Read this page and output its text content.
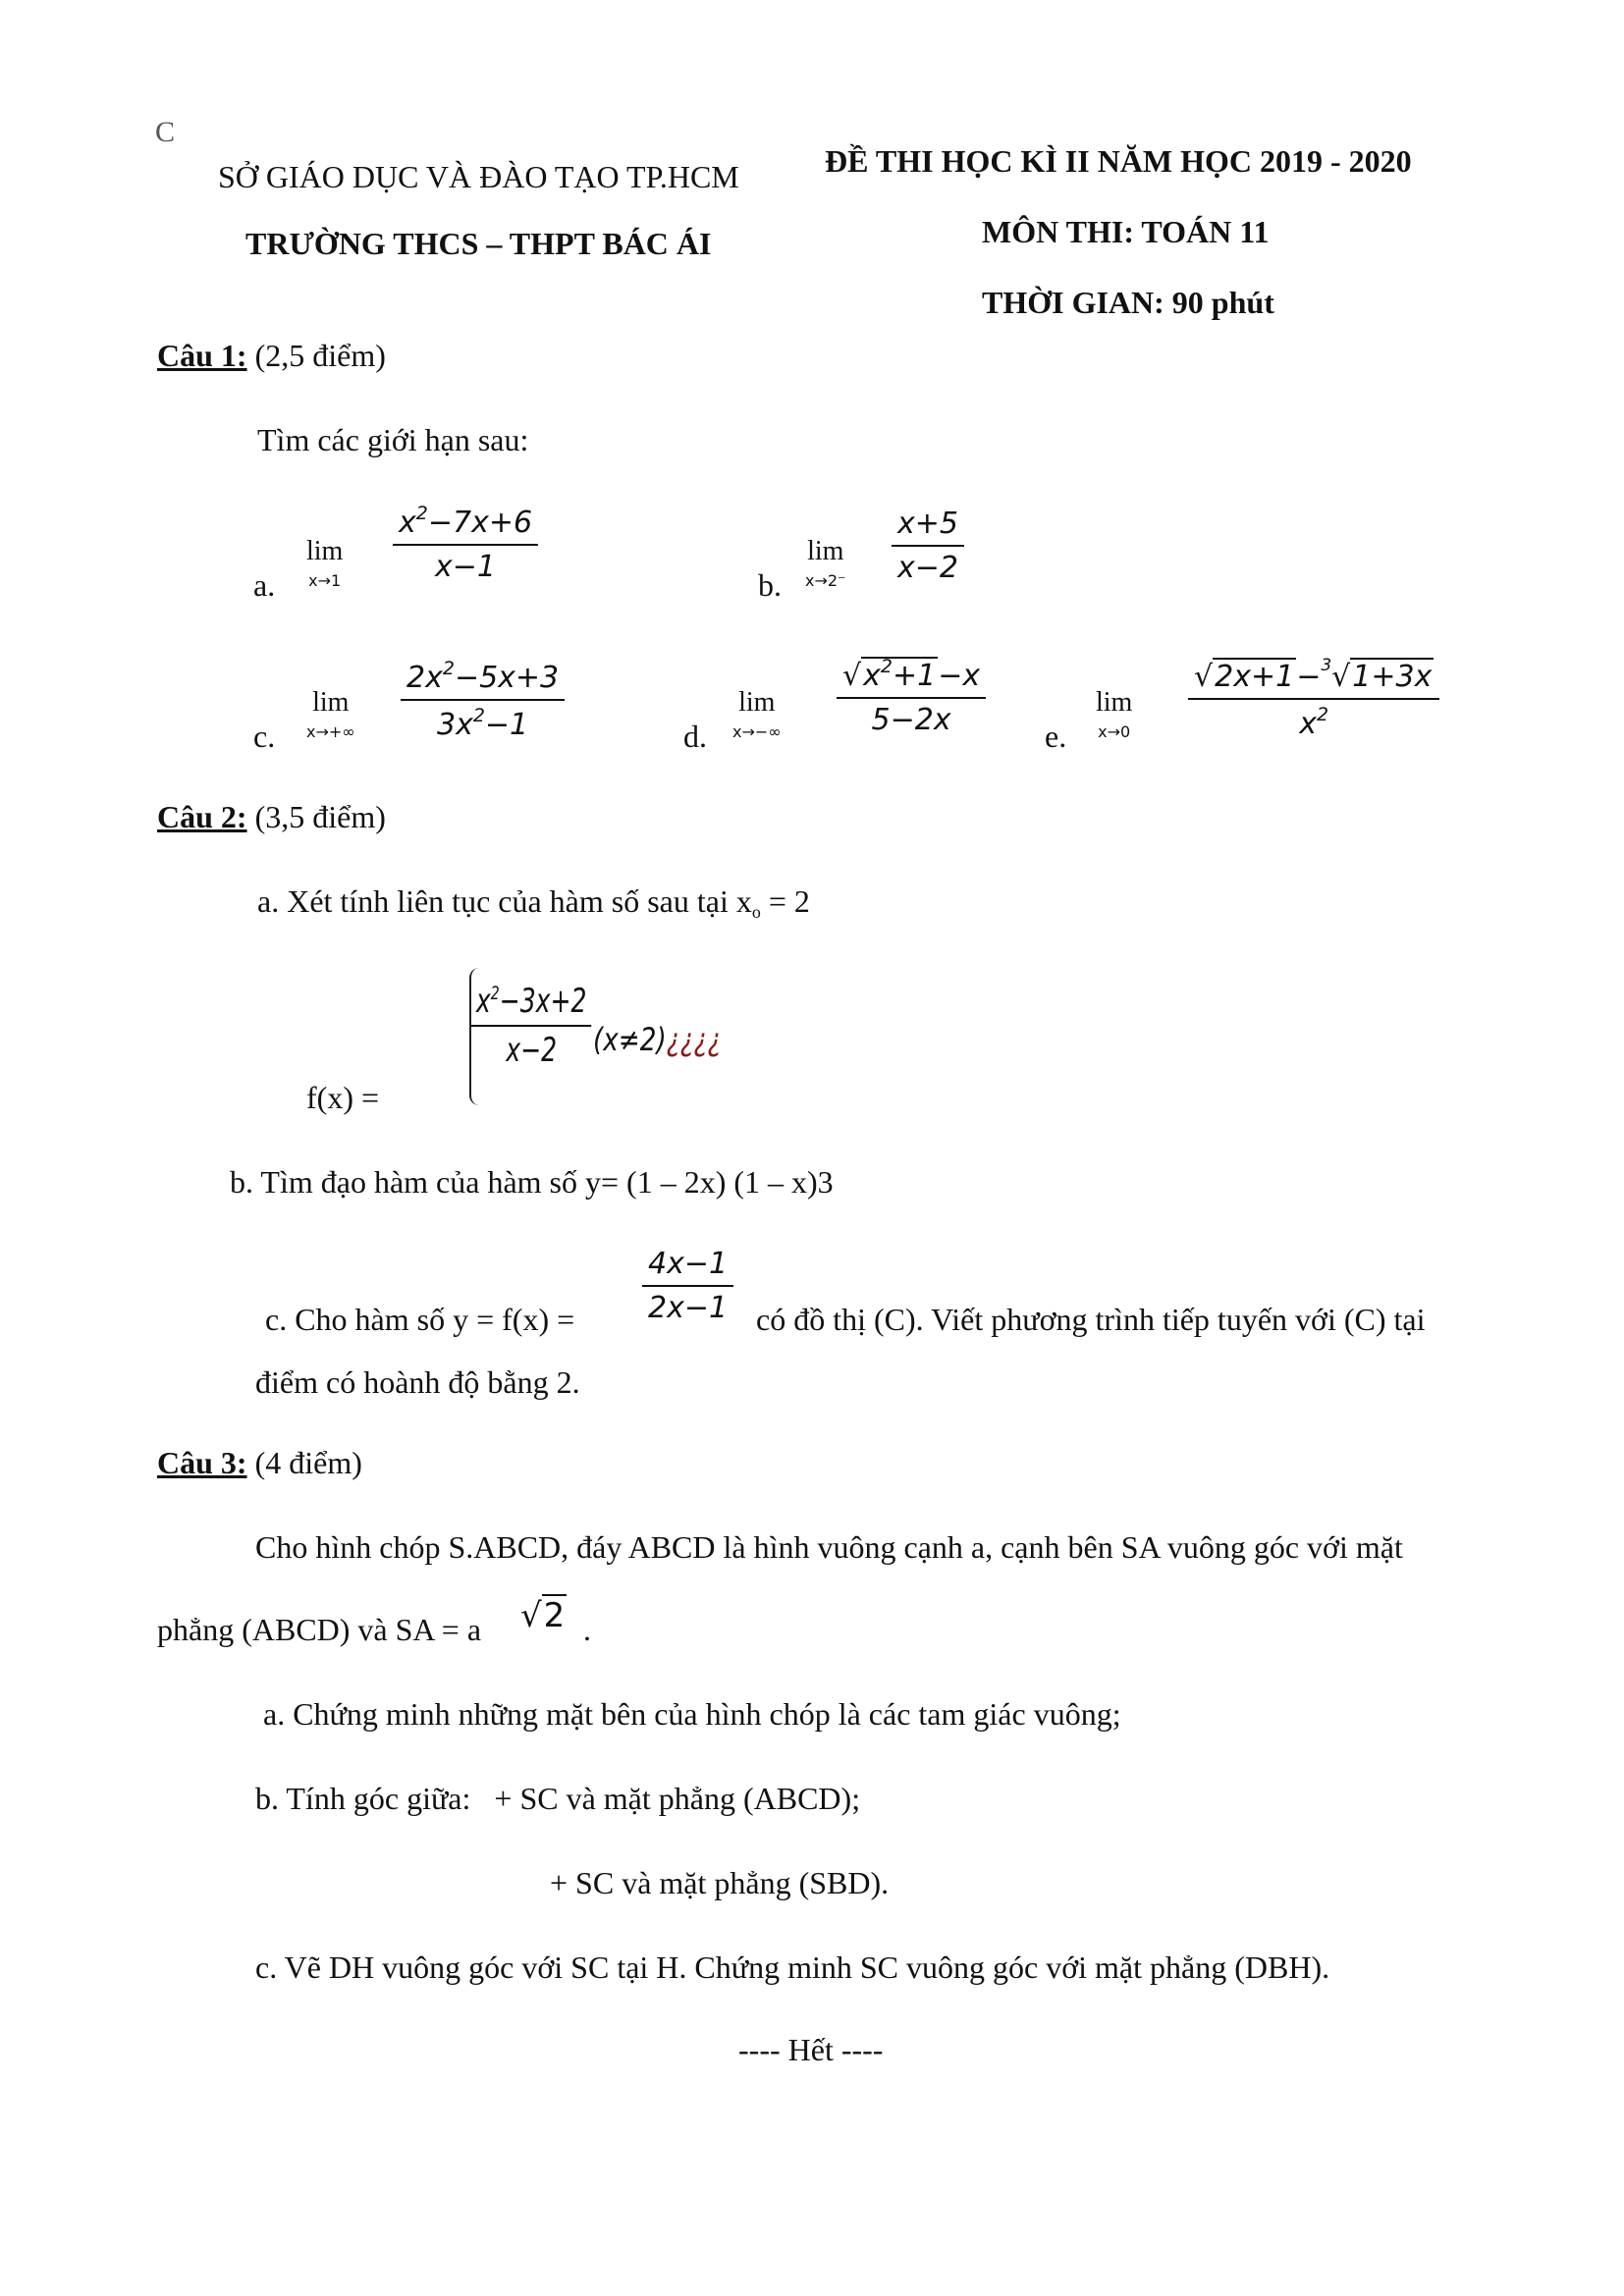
C
SỞ GIÁO DỤC VÀ ĐÀO TẠO TP.HCM
TRƯỜNG THCS – THPT BÁC ÁI
ĐỀ THI HỌC KÌ II NĂM HỌC 2019 - 2020
MÔN THI: TOÁN 11
THỜI GIAN: 90 phút
Câu 1: (2,5 điểm)
Tìm các giới hạn sau:
a.
lim
$x\to 1 \frac{x^2-7x+6}{x-1}$
b.
lim
$x\to 2^- \frac{x+5}{x-2}$
c.
lim
$x\to+\infty \frac{2x^2-5x+3}{3x^2-1}$	d.
lim
$x\to-\infty \frac{√x^2+1-x}{5-2x} e$.
lim
$x\to 0 \frac{√2x+1-^3√1+3x}{x^2}$
Câu 2: (3,5 điểm)
a. Xét tính liên tục của hàm số sau tại $x_o = 2$
f(x) =
$\frac{x^2-3x+2}{x-2}$ (x≠2)¿¿¿¿
b. Tìm đạo hàm của hàm số y= (1 – 2x) (1 – x)3
$\frac{4x-1}{2x-1}$
c. Cho hàm số y = f(x) =	có đồ thị (C). Viết phương trình tiếp tuyến với (C) tại
điểm có hoành độ bằng 2.
Câu 3: (4 điểm)
Cho hình chóp S.ABCD, đáy ABCD là hình vuông cạnh a, cạnh bên SA vuông góc với mặt
phẳng (ABCD) và SA = a √2 .
a. Chứng minh những mặt bên của hình chóp là các tam giác vuông;
b. Tính góc giữa:   + SC và mặt phẳng (ABCD);
+ SC và mặt phẳng (SBD).
c. Vẽ DH vuông góc với SC tại H. Chứng minh SC vuông góc với mặt phẳng (DBH).
---- Hết ----
